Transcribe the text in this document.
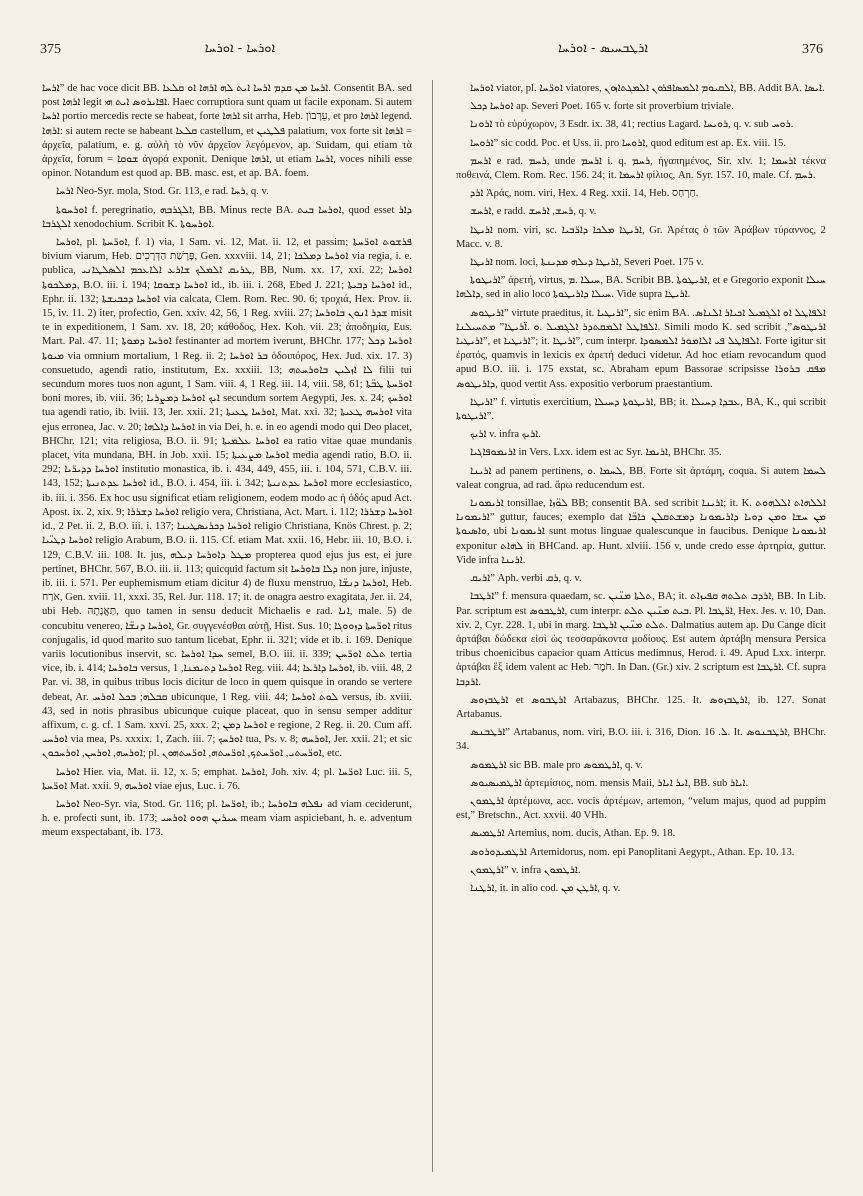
375	ܐܘܪܚܐ - ܐܘܪܚܐ	ܐܪܛܒܚܝܣ - ܐܘܪܚܐ	376

ܐܪܚܐ” de hac voce dicit BB. ܐܪܚܐ ܡܢ ܩܕܡ ܐܪܚܐ ܐܝܬ ܠܗ ܐܪܗܐ ܐܘ ܩܠܥܐ. Consentit BA. sed post ܐܪܗܐ legit ܐܦܐܝܪܘܣ ܐܝܬ ܗܝ. Haec corruptiora sunt quam ut facile exponam. Si autem ܐܪܚܐ portio mercedis recte se habeat, forte ܐܪܗܐ sit arrha, Heb. עֵרָבוֹן, et pro ܐܪܗܐ legend. ܐܪܗܐ: si autem recte se habeant ܩܠܥܐ castellum, et ܦܠܛܝܢ palatium, vox forte sit ܐܪܗܐ = ἀρχεῖα, palatium, e. g. αὐλὴ τὸ νῦν ἀρχεῖον λεγόμενον, ap. Suidam, qui etiam τὰ ἀρχεῖα, forum = ܫܘܩܐ ἀγορά exponit. Denique ܐܪܗܐ, ut etiam ܐܪܚܐ, voces nihili esse opinor. Notandum est quod ap. BB. masc. est, et ap. BA. foem.

ܐܪܚܐ Neo-Syr. mola, Stod. Gr. 113, e rad. ܪܚܐ, q. v.

ܐܘܪܚܘܬܐ f. peregrinatio, ܐܠܓܪܒܗ, BB. Minus recte BA. ܐܘܪܚܐ ܒܝܬ, quod esset ܕܐܪ ܐܠܓܪܒܐ xenodochium. Scribit K. ܐܘܪܚܘܬܐ.

ܐܘܪܚܐ, pl. ܐܘܪ̈ܚܬܐ, f. 1) via, 1 Sam. vi. 12, Mat. ii. 12, et passim; ܦܪܫܘܬ ܐܘܪ̈ܚܬܐ bivium viarum, Heb. פָּרָשַׁת הַדְּרָכִים, Gen. xxxviii. 14, 21; ܐܘܪܚܐ ܕܡܠܟܐ via regia, i. e. publica, ܛܪܝܩ ܐܠܡܠܟ ܫܐܪܥ ܐܠܐܥܟܡ ܐܠܣܠܛܐܢܝ, BB, Num. xx. 17, xxi. 22; ܐܘܪܚܐ ܕܡܠܟܘܬܐ, B.O. iii. i. 194; ܐܘܪܚܐ ܕܫܘܩܐ id., ib. iii. i. 268, Ebed J. 221; ܐܘܪܚܐ ܕܒܝܬܐ id., Ephr. ii. 132; ܐܘܪܚܐ ܕܟܒܝܫܬܐ via calcata, Clem. Rom. Rec. 90. 6; τροχιά, Hex. Prov. ii. 15, iv. 11. 2) iter, profectio, Gen. xxiv. 42, 56, 1 Reg. xviii. 27; ܫܕܪ ܐܢܘܢ ܒܐܘܪܚܐ misit te in expeditionem, 1 Sam. xv. 18, 20; κάθοδος, Hex. Koh. vii. 23; ἀποδημία, Eus. Mart. Pal. 47. 11; ܐܘܪܚܐ ܕܡܘܬܐ festinanter ad mortem iverunt, BHChr. 177; ܐܘܪܚܐ ܕܟܠ ܡܝܘܬܐ via omnium mortalium, 1 Reg. ii. 2; ܒܪ ܐܘܪܚܐ ὁδοιπόρος, Hex. Jud. xix. 17. 3) consuetudo, agendi ratio, institutum, Ex. xxxiii. 13; ܠܐ ܐܙܠܝܢ ܒܐܘܪܚܬܗ filii tui secundum mores tuos non agunt, 1 Sam. viii. 4, 1 Reg. iii. 14, viii. 58, 61; ܐܘܪ̈ܚܬܐ ܛܒ̈ܬܐ boni mores, ib. viii. 36; ܐܝܟ ܐܘܪܚܐ ܕܡܨܪܝܐ secundum sortem Aegypti, Jes. x. 24; ܐܘܪܚܟ tua agendi ratio, ib. lviii. 13, Jer. xxii. 21; ܐܘܪܚܐ ܛܥܝܬܐ, Mat. xxi. 32; ܐܘܪܚܗ ܛܥܝܬܐ vita ejus erronea, Jac. v. 20; ܐܘܪܚܐ ܕܐܠܗܐ in via Dei, h. e. in eo agendi modo qui Deo placet, BHChr. 121; vita religiosa, B.O. ii. 91; ܐܘܪܚܐ ܥܠܡܝܬܐ ea ratio vitae quae mundanis placet, vita mundana, BH. in Job. xxii. 15; ܐܘܪܚܐ ܡܨܥܝܬܐ media agendi ratio, B.O. ii. 292; ܐܘܪܚܐ ܕܕܝܪ̈ܝܐ institutio monastica, ib. i. 434, 449, 455, iii. i. 104, 571, C.B.V. iii. 143, 152; ܐܘܪܚܐ ܥܕܬܢܝܬܐ id., B.O. i. 454, iii. i. 342; ܐܘܪܚܐ ܥܕܬܢܝܬܐ more ecclesiastico, ib. iii. i. 356. Ex hoc usu significat etiam religionem, eodem modo ac ἡ ὁδός apud Act. Apost. ix. 2, xix. 9; ܐܘܪܚܐ ܕܫܪܪܐ religio vera, Christiana, Act. Mart. i. 112; ܐܘܪܚܐ ܕܫܪܪܐ id., 2 Pet. ii. 2, B.O. iii. i. 137; ܐܘܪܚܐ ܕܟܪܝܣܛܝܢܐ religio Christiana, Knös Chrest. p. 2; ܐܘܪܚܐ ܕܛܝ̈ܝܐ religio Arabum, B.O. ii. 115. Cf. etiam Mat. xxii. 16, Hebr. iii. 10, B.O. i. 129, C.B.V. iii. 108. It. jus, ܡܛܠ ܕܐܘܪܚܐ ܕܝܠܗ propterea quod ejus jus est, ei jure pertinet, BHChr. 567, B.O. iii. ii. 113; quicquid factum sit ܕܠܐ ܒܐܘܪܚܐ non jure, injuste, ib. iii. i. 571. Per euphemismum etiam dicitur 4) de fluxu menstruo, ܐܘܪܚܐ ܕܢܫ̈ܐ, Heb. אֹרַח, Gen. xviii. 11, xxxi. 35, Rel. Jur. 118. 17; it. de onagra aestro exagitata, Jer. ii. 24, ubi Heb. תַּאֲנָתָהּ, quo tamen in sensu deducit Michaelis e rad. ܐܢܐ, male. 5) de concubitu venereo, ܐܘܪܚܐ ܕܢܫ̈ܐ, Gr. συγγενέσθαι αὐτῇ, Hist. Sus. 10; ܐܘܪ̈ܚܬܐ ܕܙܘܘܓܐ ritus conjugalis, id quod marito suo tantum licebat, Ephr. ii. 321; vide et ib. i. 169. Denique variis locutionibus inservit, sc. ܚܕܐ ܐܘܪܚܐ semel, B.O. iii. ii. 339; ܬܠܬ ܐܘܪ̈ܚܢ tertia vice, ib. i. 414; ܒܐܘܪܚܐ versus, ܐܘܪܚܐ ܕܬܝܡܢܐ, 1 Reg. viii. 44; ܐܘܪܚܐ ܕܐܪܥܐ, ib. viii. 48, 2 Par. vi. 38, in quibus tribus locis dicitur de loco in quem quisque in orando se vertere debeat, Ar. ܩܒܠܗ; ܒܟܠ ܐܘܪܚ ubicunque, 1 Reg. viii. 44; ܠܘܬ ܐܘܪܚܐ versus, ib. xviii. 43, sed in notis phrasibus ubicunque cuique placeat, quo in sensu semper additur affixum, c. g. cf. 1 Sam. xxvi. 25, xxx. 2; ܐܘܪܚܐ ܕܡܢ e regione, 2 Reg. ii. 20. Cum aff. ܐܘܪܚܝ via mea, Ps. xxxix. 1, Zach. iii. 7; ܐܘܪܚܟ tua, Ps. v. 8; ܐܘܪܚܗ, Jer. xxii. 21; et sic ܐܘܪܚܗ, ܐܘܪܚܢ, ܐܘܪܚܟܘܢ; pl. ܐܘܪ̈ܚܬܝ, ܐܘܪ̈ܚܬܟ, ܐܘܪ̈ܚܬܗ, ܐܘܪ̈ܚܬܗܘܢ, etc.

ܐܘܪܚܐ Hier. via, Mat. ii. 12, x. 5; emphat. ܐܘܪܚܐ, Joh. xiv. 4; pl. ܐܘܪ̈ܚܐ Luc. iii. 5, ܐܘܪ̈ܚܬܐ Mat. xxii. 9, ܐܘܪܚܗ viae ejus, Luc. i. 76.

ܐܘܪܚܐ Neo-Syr. via, Stod. Gr. 116; pl. ܐܘܪ̈ܚܐ, ib.; ܢܦܠܗ ܒܐܘܪܚܐ ad viam ceciderunt, h. e. profecti sunt, ib. 173; ܚܝܪܝܢ ܗܘܘ ܐܘܪܚܝ meam viam aspiciebant, h. e. adventum meum exspectabant, ib. 173.

ܐܘܪܚܐ viator, pl. ܐܘܪ̈ܚܐ viatores, ܐܠܩܝܘܡ ܐܠܡܣܐܦܪܘܢ ܐܠܡܓܬܐܙܘܢ, BB. Addit BA. ܐܝܣܐ.

ܐܘܪܚܐ ܕܟܠ ap. Severi Poet. 165 v. forte sit proverbium triviale.

ܐܪܘܢܐ τὸ εὐρύχωρον, 3 Esdr. ix. 38, 41; rectius Lagard. ܪܘܝܚܐ, q. v. sub ܪܘܚ.

ܐܪܘܚܐ” sic codd. Poc. et Uss. ii. pro ܐܪܘܚܐ, quod editum est ap. Ex. viii. 15.

ܐܪܚܡ e rad. ܪܚܡ, unde ܐܪܚܡ i. q. ܪܚܡ, ἠγαπημένος, Sir. xlv. 1; ܐܪܚܡܐ τέκνα ποθεινά, Clem. Rom. Rec. 156. 24; it. ܐܪܚܡܐ φίλιος, An. Syr. 157. 10, male. Cf. ܪܚܡ.

ܐܪܕ Ἀράς, nom. viri, Hex. 4 Reg. xxii. 14, Heb. חַרְחַס.

ܐܪܚܫ, e radd. ܪܚܫ, ܐܪܚܫ, q. v.

ܐܪܝܛܐ nom. viri, sc. ܐܪܝܛܐ ܡܠܟܐ ܕܐܪ̈ܒܝܐ, Gr. Ἀρέτας ὁ τῶν Ἀράβων τύραννος, 2 Macc. v. 8.

ܐܪܝܛܐ nom. loci, ܐܪܝܛܐ ܕܝܠܗ ܡܕܝܢܬܐ, Severi Poet. 175 v.

ܐܪܝܛܘܬܐ” ἀρετή, virtus, ܚܝܠܐ .ܡ, BA. Scribit BB. ܐܪܝܛܘܬܐ, et e Gregorio exponit ܚܝܠܐ ܕܐܠܗܐ, sed in alio loco ܚܝܠܐ ܕܐܪܝܛܘܬܐ. Vide supra ܐܪܝܛܐ.

ܐܪܝܛܘܣ” virtute praeditus, it. ܐܪܝܛܝܐ”, sic enim BA. ܐܠܦܐܛܠ ܐܘ ܐܠܓܡܝܠ ܐܟܝܐܪ ܐܠܢܐܣ. ܐܠܦܐܛܠ ܐܠܡܩܬܕܪ ܐܠܓܡܝܠ .ܘ .ܐ̈ܪܝܛܐ” ܡܬܚܝܠܢܐ. Simili modo K. sed scribit ܐܪܝܛܘܣ”, ܐܪܝܛܝܐ”, et ܐܪܝܛܝܐ”; it. ܐܪܝܛܐ”, cum interpr. ܐܠܦܐܛܠ ܦܝ ܐܠܐܡܘܪ ܐܠܡܣܘܕܐ. Forte igitur sit ἐρατός, quamvis in lexicis ex ἀρετή deduci videtur. Ad hoc etiam revocandum quod apud B.O. iii. i. 175 exstat, sc. Abraham epum Bassorae scripsisse ܡܦܩ ܒܪܘܪܐ ܕܐܪܝܛܘܣ, quod vertit Ass. expositio verborum praestantium.

ܐܪܝܛܐ” f. virtutis exercitium, ܐܪܝܛܘܬܐ ܕܚܝܠܐ, BB; it. ܥܒܕܐ ܕܚܝܠܐ, BA, K., qui scribit ܐܪܝܛܘܬܐ”.

ܐܪܝܟ v. infra ܐܪܝܟ.

ܐܪܝܡܘܦܐܓܝܐ in Vers. Lxx. idem est ac Syr. ܐܪܝܡܐ, BHChr. 35.

ܐܪܝܢܐ ad panem pertinens, ܠܚܡܐ .ܘ, BB. Forte sit ἀρτάμη, coqua. Si autem ܠܚܡܐ valeat congrua, ad rad. ἄρω reducendum est.

ܐܪܝܡܘܢܐ tonsillae, ܠܘ̈ܙܐ BB; consentit BA. sed scribit ܐܪܝܢܐ; it. K. ܐܠܠܗܐܬ ܐܠܠܗܘܬ ܐܪܝܡܘܢܐ” guttur, fauces; exemplo dat ܡܢ ܚܫܐ ܘܡܢ ܕܘܝܐ ܕܐܪܝܡܘܢܐ ܕܡܫܬܩܠܢ ܟܐܒ̈ܐ ܘܐܣܝܘܬܐ, ubi ܐܪܝܡܘܢܐ sunt motus linguae qualescunque in faucibus. Denique ܐܪܝܡܘܢܐ exponitur ܠܗܐܬ in BHCand. ap. Hunt. xlviii. 156 v, unde credo esse ἀρτηρία, guttur. Vide infra ܐܪܝܢܐ.

ܐܪܝܩ” Aph. verbi ܪܩ, q. v.

ܐܪܛܒܐ” f. mensura quaedam, sc. ܬܠܬܐ ܡܢ̈ܝܢ, BA; it. ܐܪܕܒ ܬܠܬܗ ܩܦܝܙܐܬ, BB. In Lib. Par. scriptum est ܐܪܛܒܘܣ, cum interpr. ܒܝܬ ܡܢ̈ܝܢ ܬܠܬ. Pl. ܐܪ̈ܛܒܐ, Hex. Jes. v. 10, Dan. xiv. 2, Cyr. 228. 1, ubi in marg. ܬܠܬ ܡܢ̈ܝܢ ܐܪܛܒܐ. Dalmatius autem ap. Du Cange dicit ἀρτάβαι δώδεκα εἰσὶ ὡς τεσσαράκοντα μοδίους. Est autem ἀρτάβη mensura Persica tribus choenicibus capacior quam Atticus medimnus, Herod. i. 49. Apud Lxx. interpr. ἀρτάβαι ἓξ idem valent ac Heb. חֹמֶר. In Dan. (Gr.) xiv. 2 scriptum est ܐܪܛܒܐ. Cf. supra ܐܪܕܒܐ.

ܐܪܛܒܙܘܣ et ܐܪܛܒܘܣ Artabazus, BHChr. 125. It. ܐܪܛܒܙܘܣ, ib. 127. Sonat Artabanus.

ܐܪܛܒܢܣ” Artabanus, nom. viri, B.O. iii. i. 316, Dion. ܠ. 16. It. ܐܪܛܒܢܘܣ, BHChr. 34.

ܐܪܛܡܘܣ sic BB. male pro ܐܪܛܡܘܣ, q. v.

ܐܪܛܡܝܣܝܘܣ ἀρτεμίσιος, nom. mensis Maii, ܐܝܪ ܐܝܐܪ, BB. sub ܐܝܐܪ.

ܐܪܛܡܘܢ ἀρτέμωνα, acc. vocis ἀρτέμων, artemon, “velum majus, quod ad puppim est,” Bretschn., Act. xxvii. 40 VHh.

ܐܪܛܡܝܣ Artemius, nom. ducis, Athan. Ep. 9. 18.

ܐܪܛܡܝܕܘܪܘܣ Artemidorus, nom. epi Panoplitani Aegypt., Athan. Ep. 10. 13.

ܐܪܛܡܘܢ” v. infra ܐܪܛܡܘܢ.

ܐܪܛܢܐ, it. in alio cod. ܐܪܛܢ ܡܢ, q. v.
